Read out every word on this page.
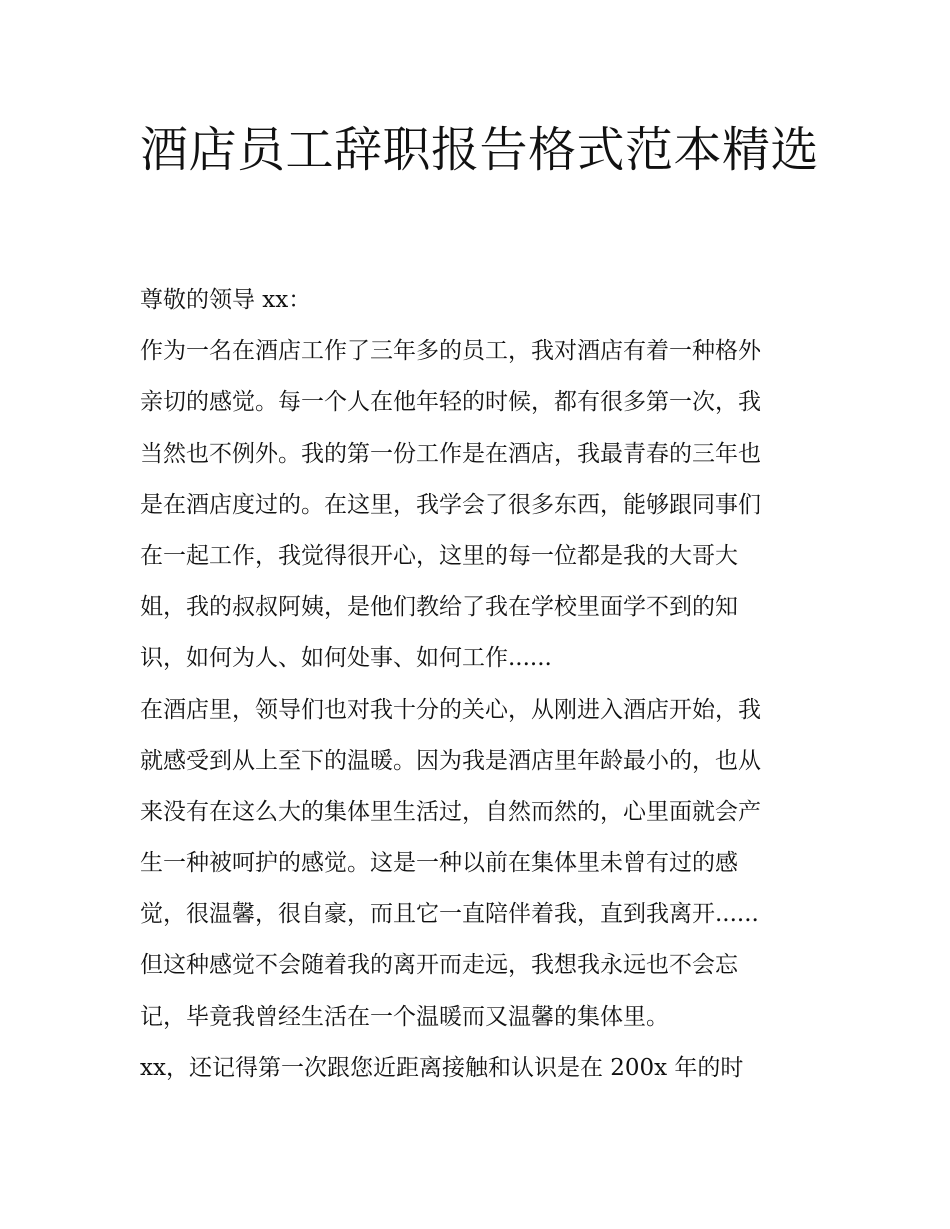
酒店员工辞职报告格式范本精选
尊敬的领导 xx：
作为一名在酒店工作了三年多的员工，我对酒店有着一种格外
亲切的感觉。每一个人在他年轻的时候，都有很多第一次，我
当然也不例外。我的第一份工作是在酒店，我最青春的三年也
是在酒店度过的。在这里，我学会了很多东西，能够跟同事们
在一起工作，我觉得很开心，这里的每一位都是我的大哥大
姐，我的叔叔阿姨，是他们教给了我在学校里面学不到的知
识，如何为人、如何处事、如何工作......
在酒店里，领导们也对我十分的关心，从刚进入酒店开始，我
就感受到从上至下的温暖。因为我是酒店里年龄最小的，也从
来没有在这么大的集体里生活过，自然而然的，心里面就会产
生一种被呵护的感觉。这是一种以前在集体里未曾有过的感
觉，很温馨，很自豪，而且它一直陪伴着我，直到我离开......
但这种感觉不会随着我的离开而走远，我想我永远也不会忘
记，毕竟我曾经生活在一个温暖而又温馨的集体里。
xx，还记得第一次跟您近距离接触和认识是在 200x 年的时
